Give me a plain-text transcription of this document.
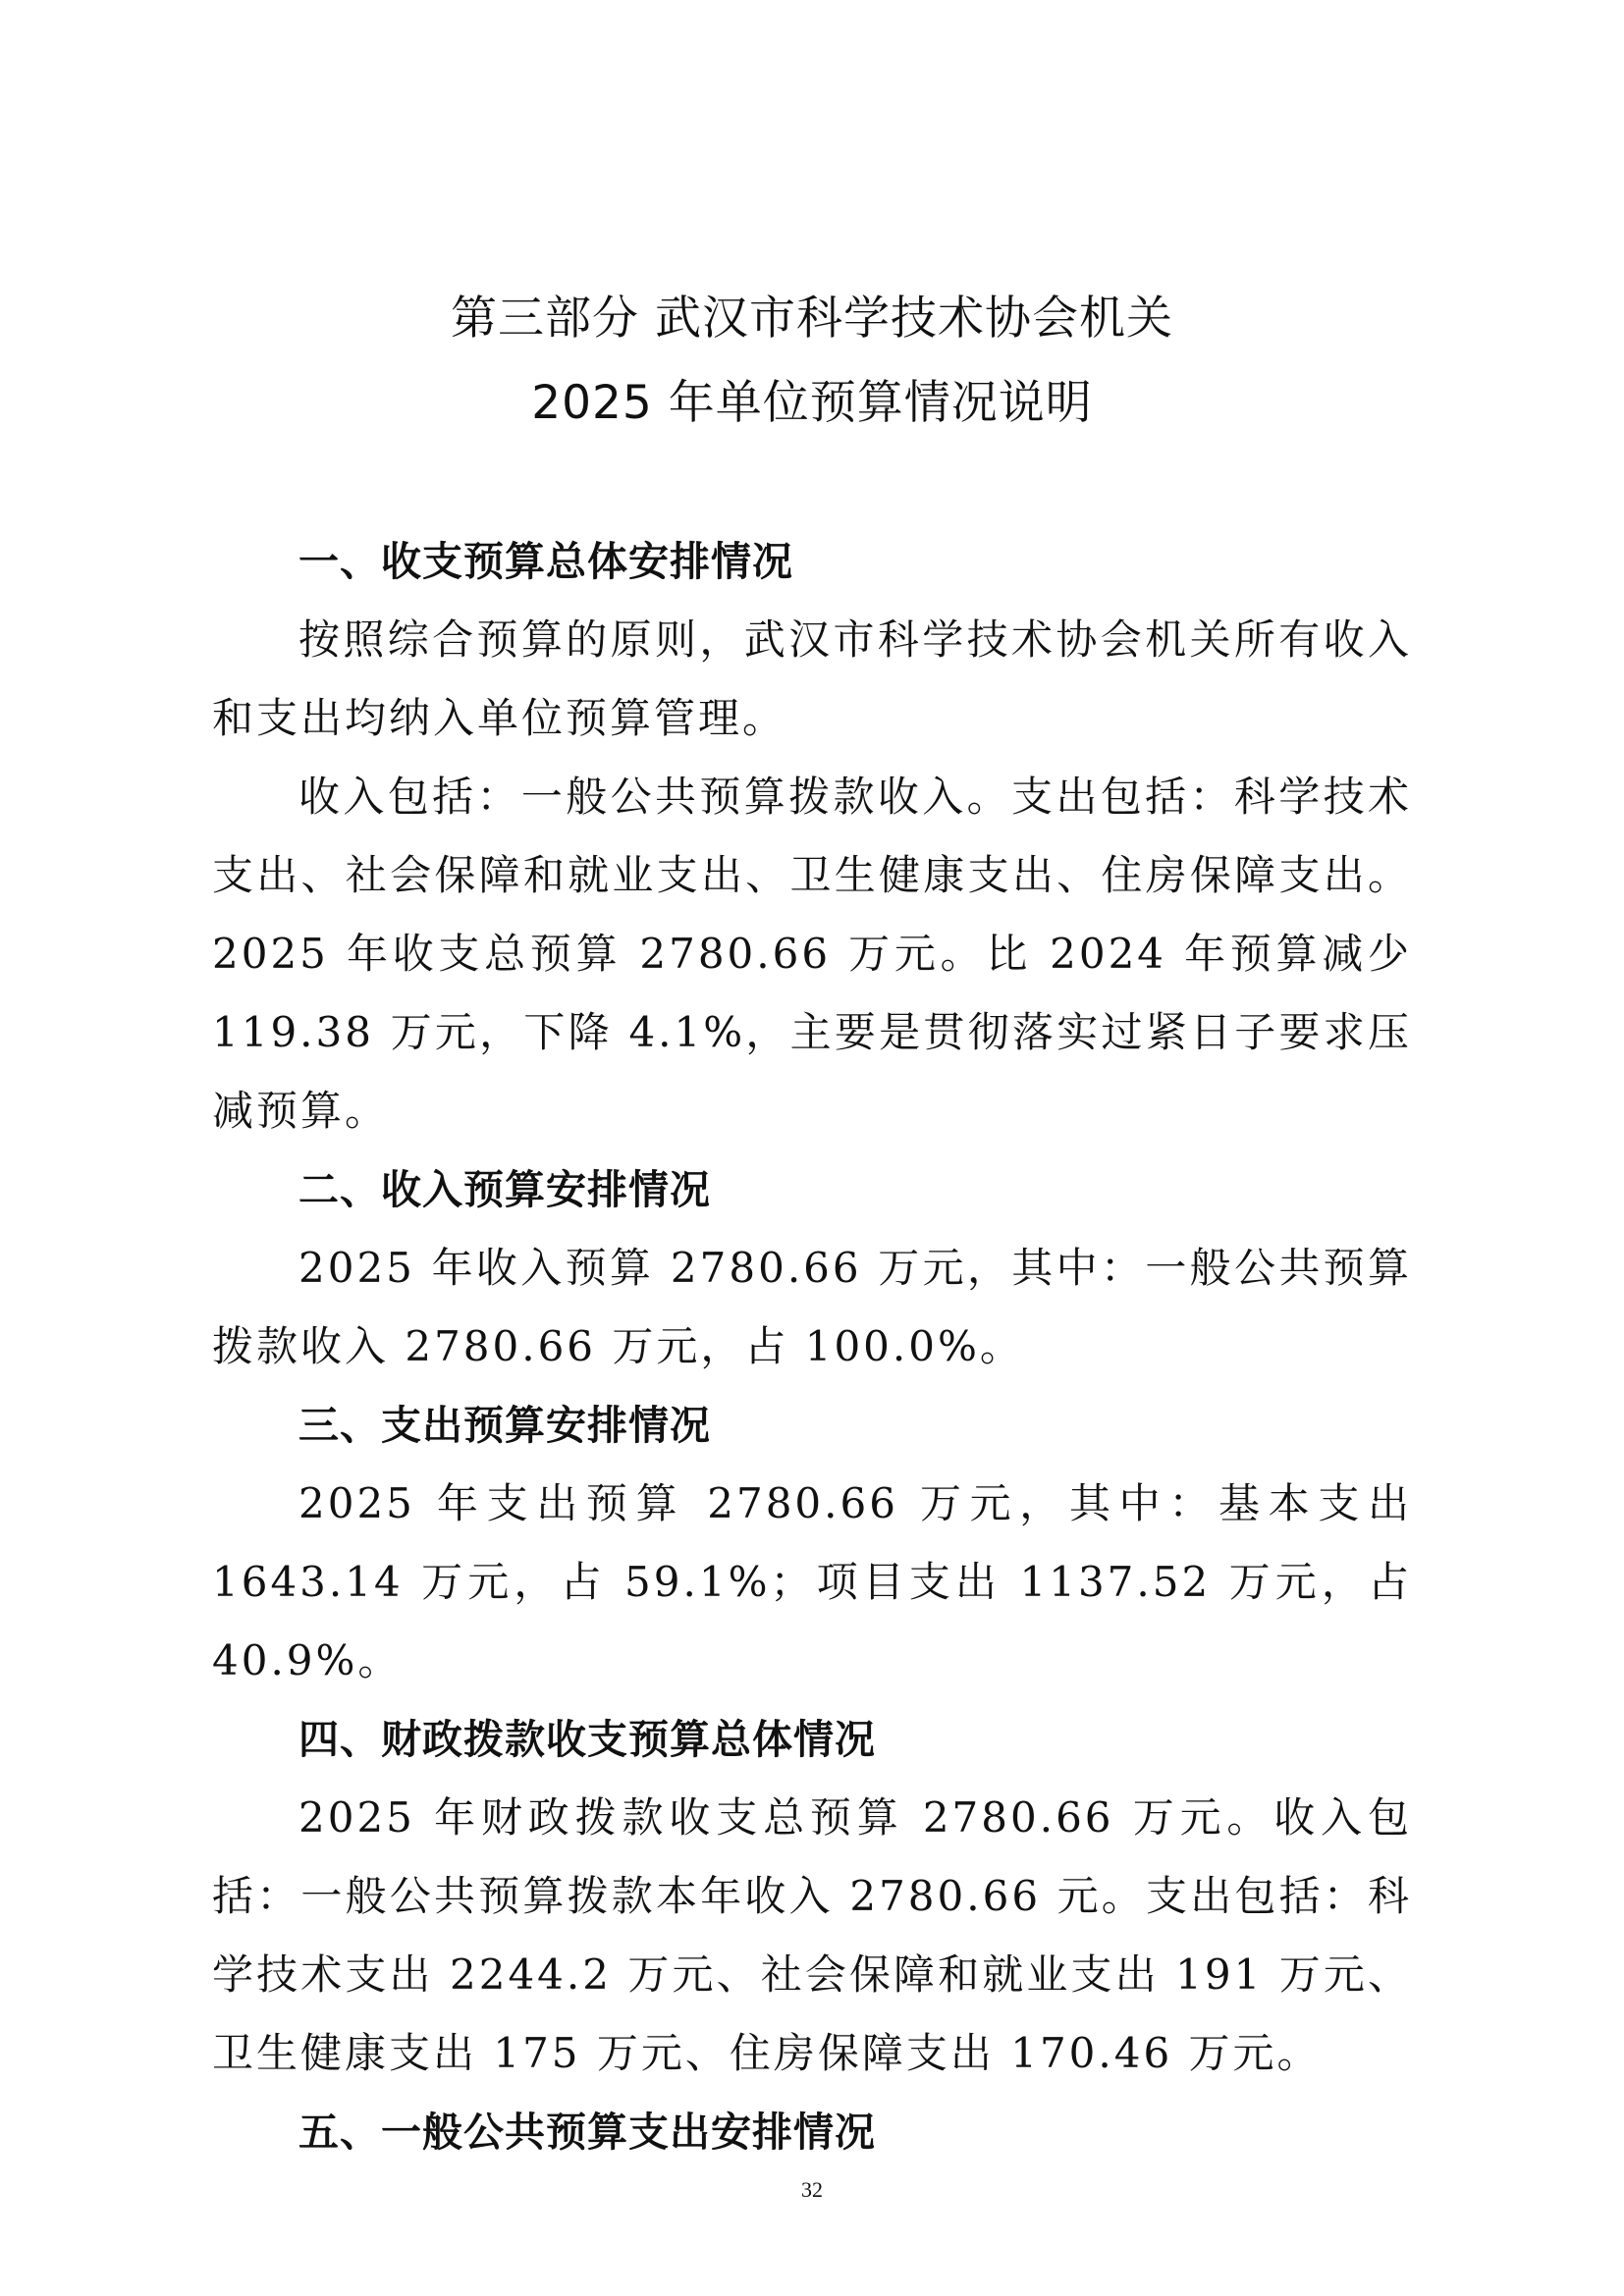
第三部分 武汉市科学技术协会机关
2025 年单位预算情况说明
一、收支预算总体安排情况
按照综合预算的原则，武汉市科学技术协会机关所有收入和支出均纳入单位预算管理。
收入包括：一般公共预算拨款收入。支出包括：科学技术支出、社会保障和就业支出、卫生健康支出、住房保障支出。2025 年收支总预算 2780.66 万元。比 2024 年预算减少 119.38 万元，下降 4.1%，主要是贯彻落实过紧日子要求压减预算。
二、收入预算安排情况
2025 年收入预算 2780.66 万元，其中：一般公共预算拨款收入 2780.66 万元，占 100.0%。
三、支出预算安排情况
2025 年支出预算 2780.66 万元，其中：基本支出 1643.14 万元，占 59.1%；项目支出 1137.52 万元，占 40.9%。
四、财政拨款收支预算总体情况
2025 年财政拨款收支总预算 2780.66 万元。收入包括：一般公共预算拨款本年收入 2780.66 元。支出包括：科学技术支出 2244.2 万元、社会保障和就业支出 191 万元、卫生健康支出 175 万元、住房保障支出 170.46 万元。
五、一般公共预算支出安排情况
32
